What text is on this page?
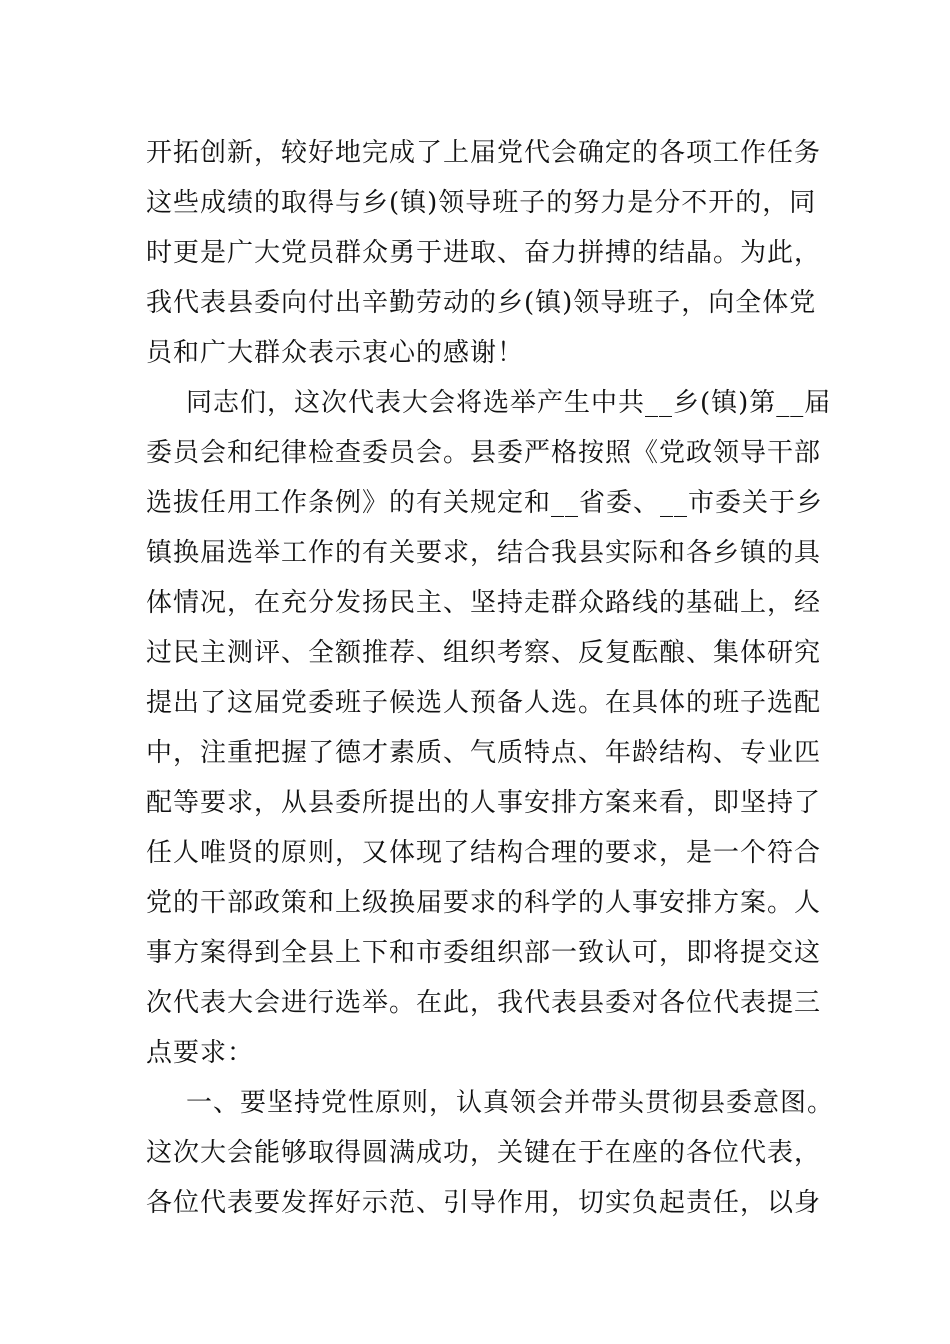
开拓创新，较好地完成了上届党代会确定的各项工作任务
这些成绩的取得与乡(镇)领导班子的努力是分不开的，同
时更是广大党员群众勇于进取、奋力拼搏的结晶。为此，
我代表县委向付出辛勤劳动的乡(镇)领导班子，向全体党
员和广大群众表示衷心的感谢！
同志们，这次代表大会将选举产生中共__乡(镇)第__届
委员会和纪律检查委员会。县委严格按照《党政领导干部
选拔任用工作条例》的有关规定和__省委、__市委关于乡
镇换届选举工作的有关要求，结合我县实际和各乡镇的具
体情况，在充分发扬民主、坚持走群众路线的基础上，经
过民主测评、全额推荐、组织考察、反复酝酿、集体研究
提出了这届党委班子候选人预备人选。在具体的班子选配
中，注重把握了德才素质、气质特点、年龄结构、专业匹
配等要求，从县委所提出的人事安排方案来看，即坚持了
任人唯贤的原则，又体现了结构合理的要求，是一个符合
党的干部政策和上级换届要求的科学的人事安排方案。人
事方案得到全县上下和市委组织部一致认可，即将提交这
次代表大会进行选举。在此，我代表县委对各位代表提三
点要求：
一、要坚持党性原则，认真领会并带头贯彻县委意图。
这次大会能够取得圆满成功，关键在于在座的各位代表，
各位代表要发挥好示范、引导作用，切实负起责任，以身
